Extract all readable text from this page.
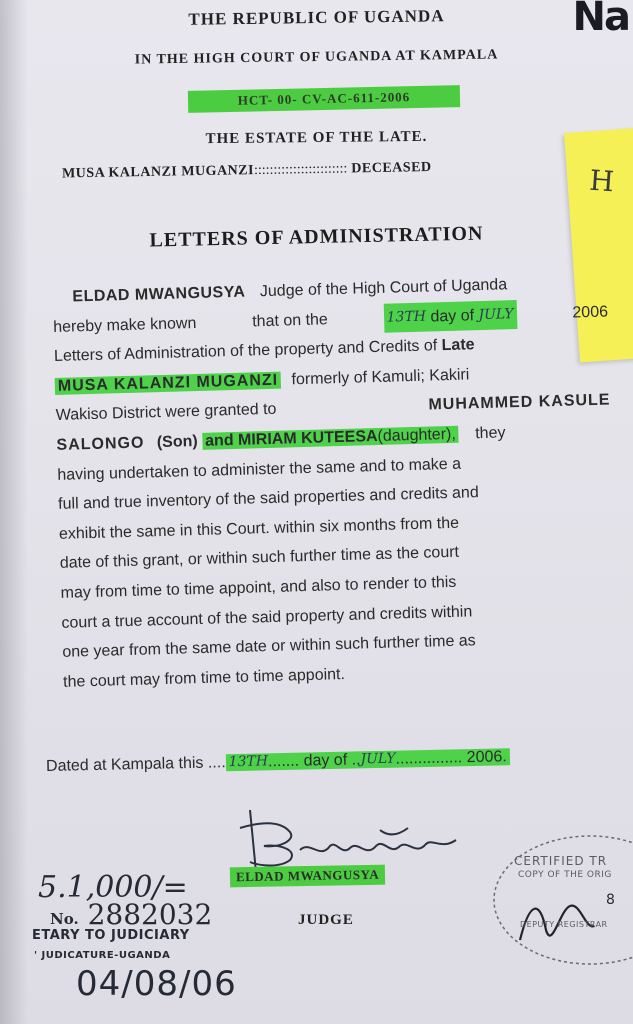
Na
H
THE REPUBLIC OF UGANDA
IN THE HIGH COURT OF UGANDA AT KAMPALA
HCT- 00- CV-AC-611-2006
THE ESTATE OF THE LATE.
MUSA KALANZI MUGANZI:::::::::::::::::::::::: DECEASED
LETTERS OF ADMINISTRATION
ELDAD MWANGUSYA Judge of the High Court of Uganda
hereby make known	that on the	13TH day of JULY	2006
Letters of Administration of the property and Credits of Late
MUSA KALANZI MUGANZI formerly of Kamuli; Kakiri
Wakiso District were granted to	MUHAMMED KASULE
SALONGO (Son) and MIRIAM KUTEESA(daughter), they
having undertaken to administer the same and to make a
full and true inventory of the said properties and credits and
exhibit the same in this Court. within six months from the
date of this grant, or within such further time as the court
may from time to time appoint, and also to render to this
court a true account of the said property and credits within
one year from the same date or within such further time as
the court may from time to time appoint.
Dated at Kampala this .... 13TH....... day of ..JULY............... 2006.
ELDAD MWANGUSYA
JUDGE
5.1,000/=
No. 2882032
ETARY TO JUDICIARY
' JUDICATURE-UGANDA
04/08/06
CERTIFIED TR
COPY OF THE ORIG
8
DEPUTY REGISTRAR
